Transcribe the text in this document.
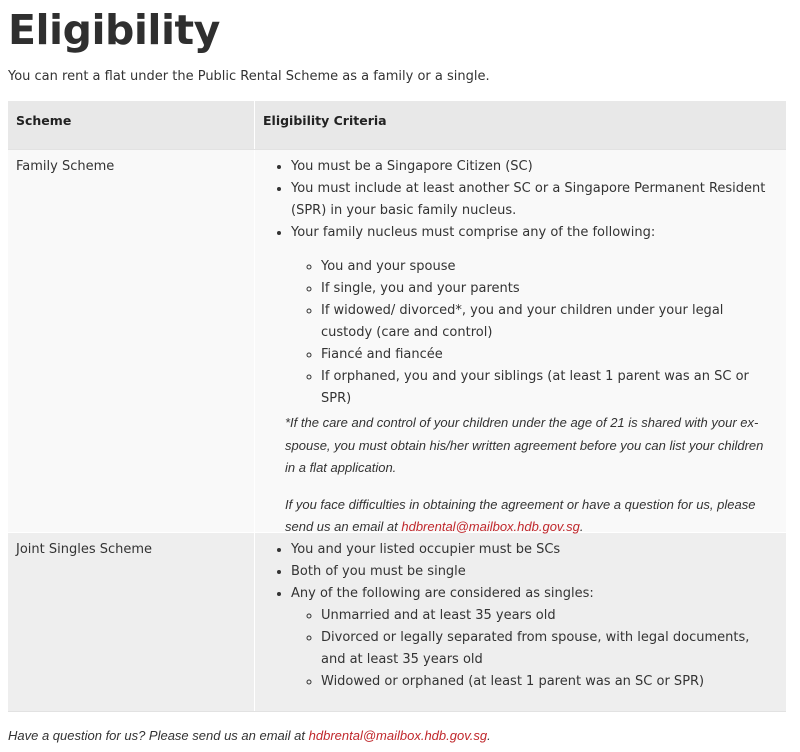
Eligibility

You can rent a flat under the Public Rental Scheme as a family or a single.

Scheme	Eligibility Criteria
Family Scheme	• You must be a Singapore Citizen (SC)
• You must include at least another SC or a Singapore Permanent Resident (SPR) in your basic family nucleus.
• Your family nucleus must comprise any of the following:
◦ You and your spouse
◦ If single, you and your parents
◦ If widowed/ divorced*, you and your children under your legal custody (care and control)
◦ Fiancé and fiancée
◦ If orphaned, you and your siblings (at least 1 parent was an SC or SPR)

*If the care and control of your children under the age of 21 is shared with your ex-spouse, you must obtain his/her written agreement before you can list your children in a flat application.

If you face difficulties in obtaining the agreement or have a question for us, please send us an email at hdbrental@mailbox.hdb.gov.sg.

Joint Singles Scheme	• You and your listed occupier must be SCs
• Both of you must be single
• Any of the following are considered as singles:
◦ Unmarried and at least 35 years old
◦ Divorced or legally separated from spouse, with legal documents, and at least 35 years old
◦ Widowed or orphaned (at least 1 parent was an SC or SPR)

Have a question for us? Please send us an email at hdbrental@mailbox.hdb.gov.sg.
